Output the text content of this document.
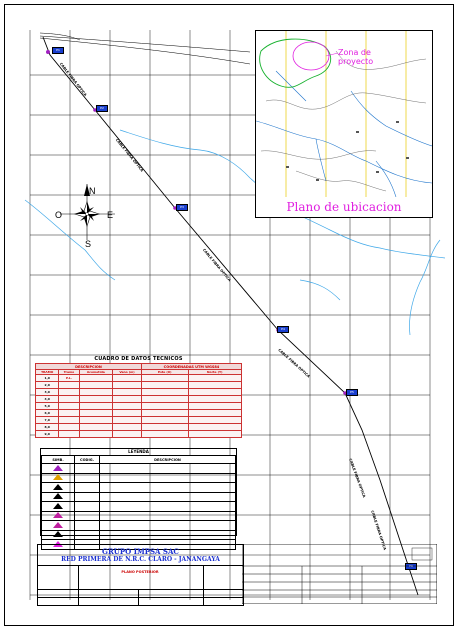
P1
P2
P3
P4
P5
P6
CABLE FIBRA OPTICA
CABLE FIBRA OPTICA
CABLE FIBRA OPTICA
CABLE FIBRA OPTICA
CABLE FIBRA OPTICA
CABLE FIBRA OPTICA
Zona de proyecto
Plano de ubicacion
N
S
E
O
CUADRO DE DATOS TECNICOS
DESCRIPCION				COORDENADAS UTM WGS84	
TRAMO	Tramo	Acometida	Vano (m)	Este (X)	Norte (Y)
1,0	P.L.				
2,0					
3,0					
4,0					
5,0					
6,0					
7,0					
8,0					
9,0					
LEYENDA
SIMB.	CODIG.	DESCRIPCION

GRUPO IMPSA SAC
RED PRIMERA DE N.R.C. CLARO - JANANGAYA
PLANO POSTERIOR
